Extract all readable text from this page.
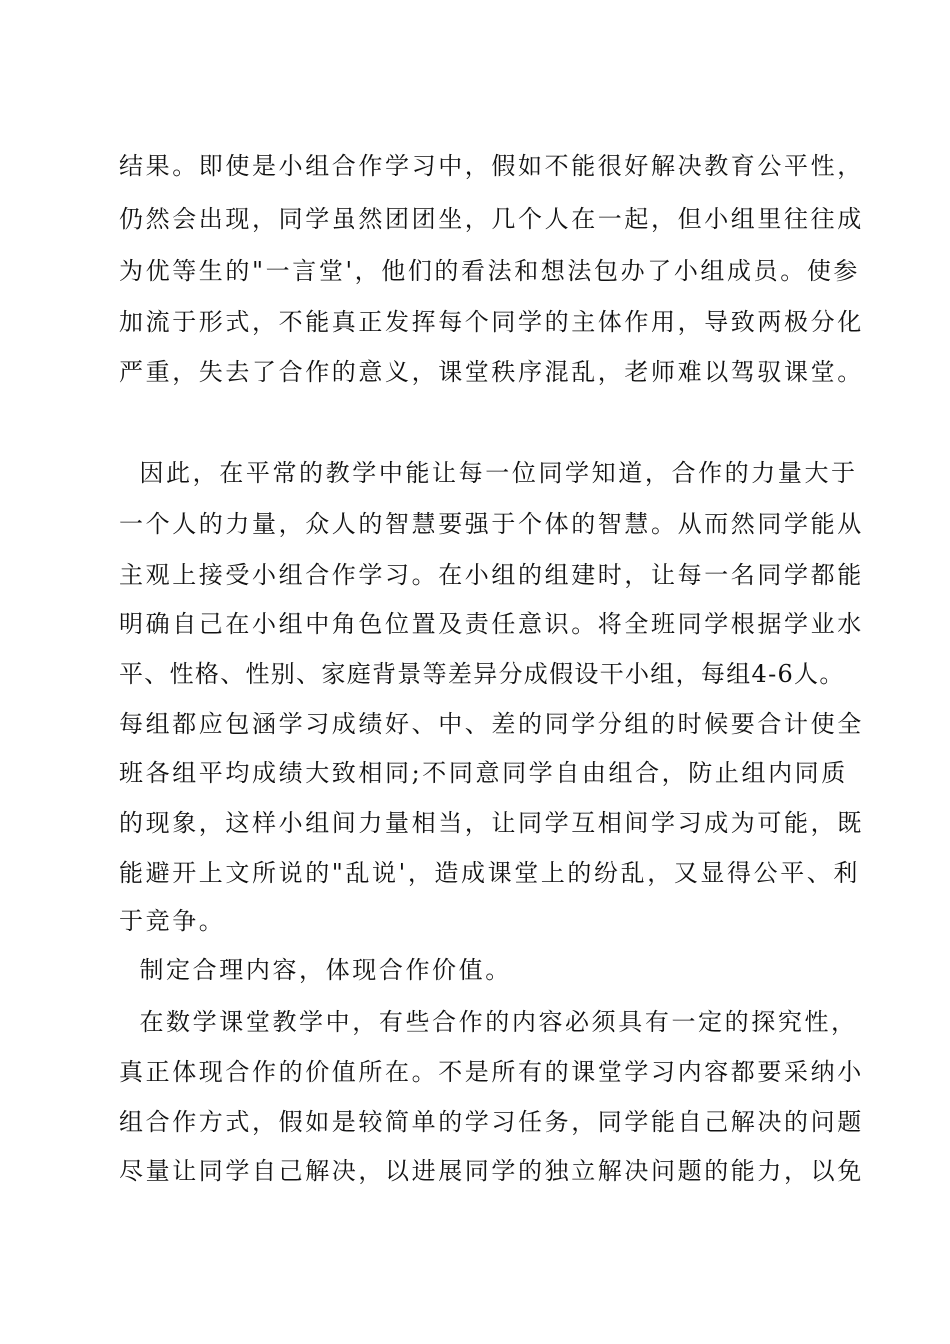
结果。即使是小组合作学习中，假如不能很好解决教育公平性，
仍然会出现，同学虽然团团坐，几个人在一起，但小组里往往成
为优等生的"一言堂'，他们的看法和想法包办了小组成员。使参
加流于形式，不能真正发挥每个同学的主体作用，导致两极分化
严重，失去了合作的意义，课堂秩序混乱，老师难以驾驭课堂。
因此，在平常的教学中能让每一位同学知道，合作的力量大于
一个人的力量，众人的智慧要强于个体的智慧。从而然同学能从
主观上接受小组合作学习。在小组的组建时，让每一名同学都能
明确自己在小组中角色位置及责任意识。将全班同学根据学业水
平、性格、性别、家庭背景等差异分成假设干小组，每组4-6人。
每组都应包涵学习成绩好、中、差的同学分组的时候要合计使全
班各组平均成绩大致相同;不同意同学自由组合，防止组内同质
的现象，这样小组间力量相当，让同学互相间学习成为可能，既
能避开上文所说的"乱说'，造成课堂上的纷乱，又显得公平、利
于竞争。
制定合理内容，体现合作价值。
在数学课堂教学中，有些合作的内容必须具有一定的探究性，
真正体现合作的价值所在。不是所有的课堂学习内容都要采纳小
组合作方式，假如是较简单的学习任务，同学能自己解决的问题
尽量让同学自己解决，以进展同学的独立解决问题的能力，以免
